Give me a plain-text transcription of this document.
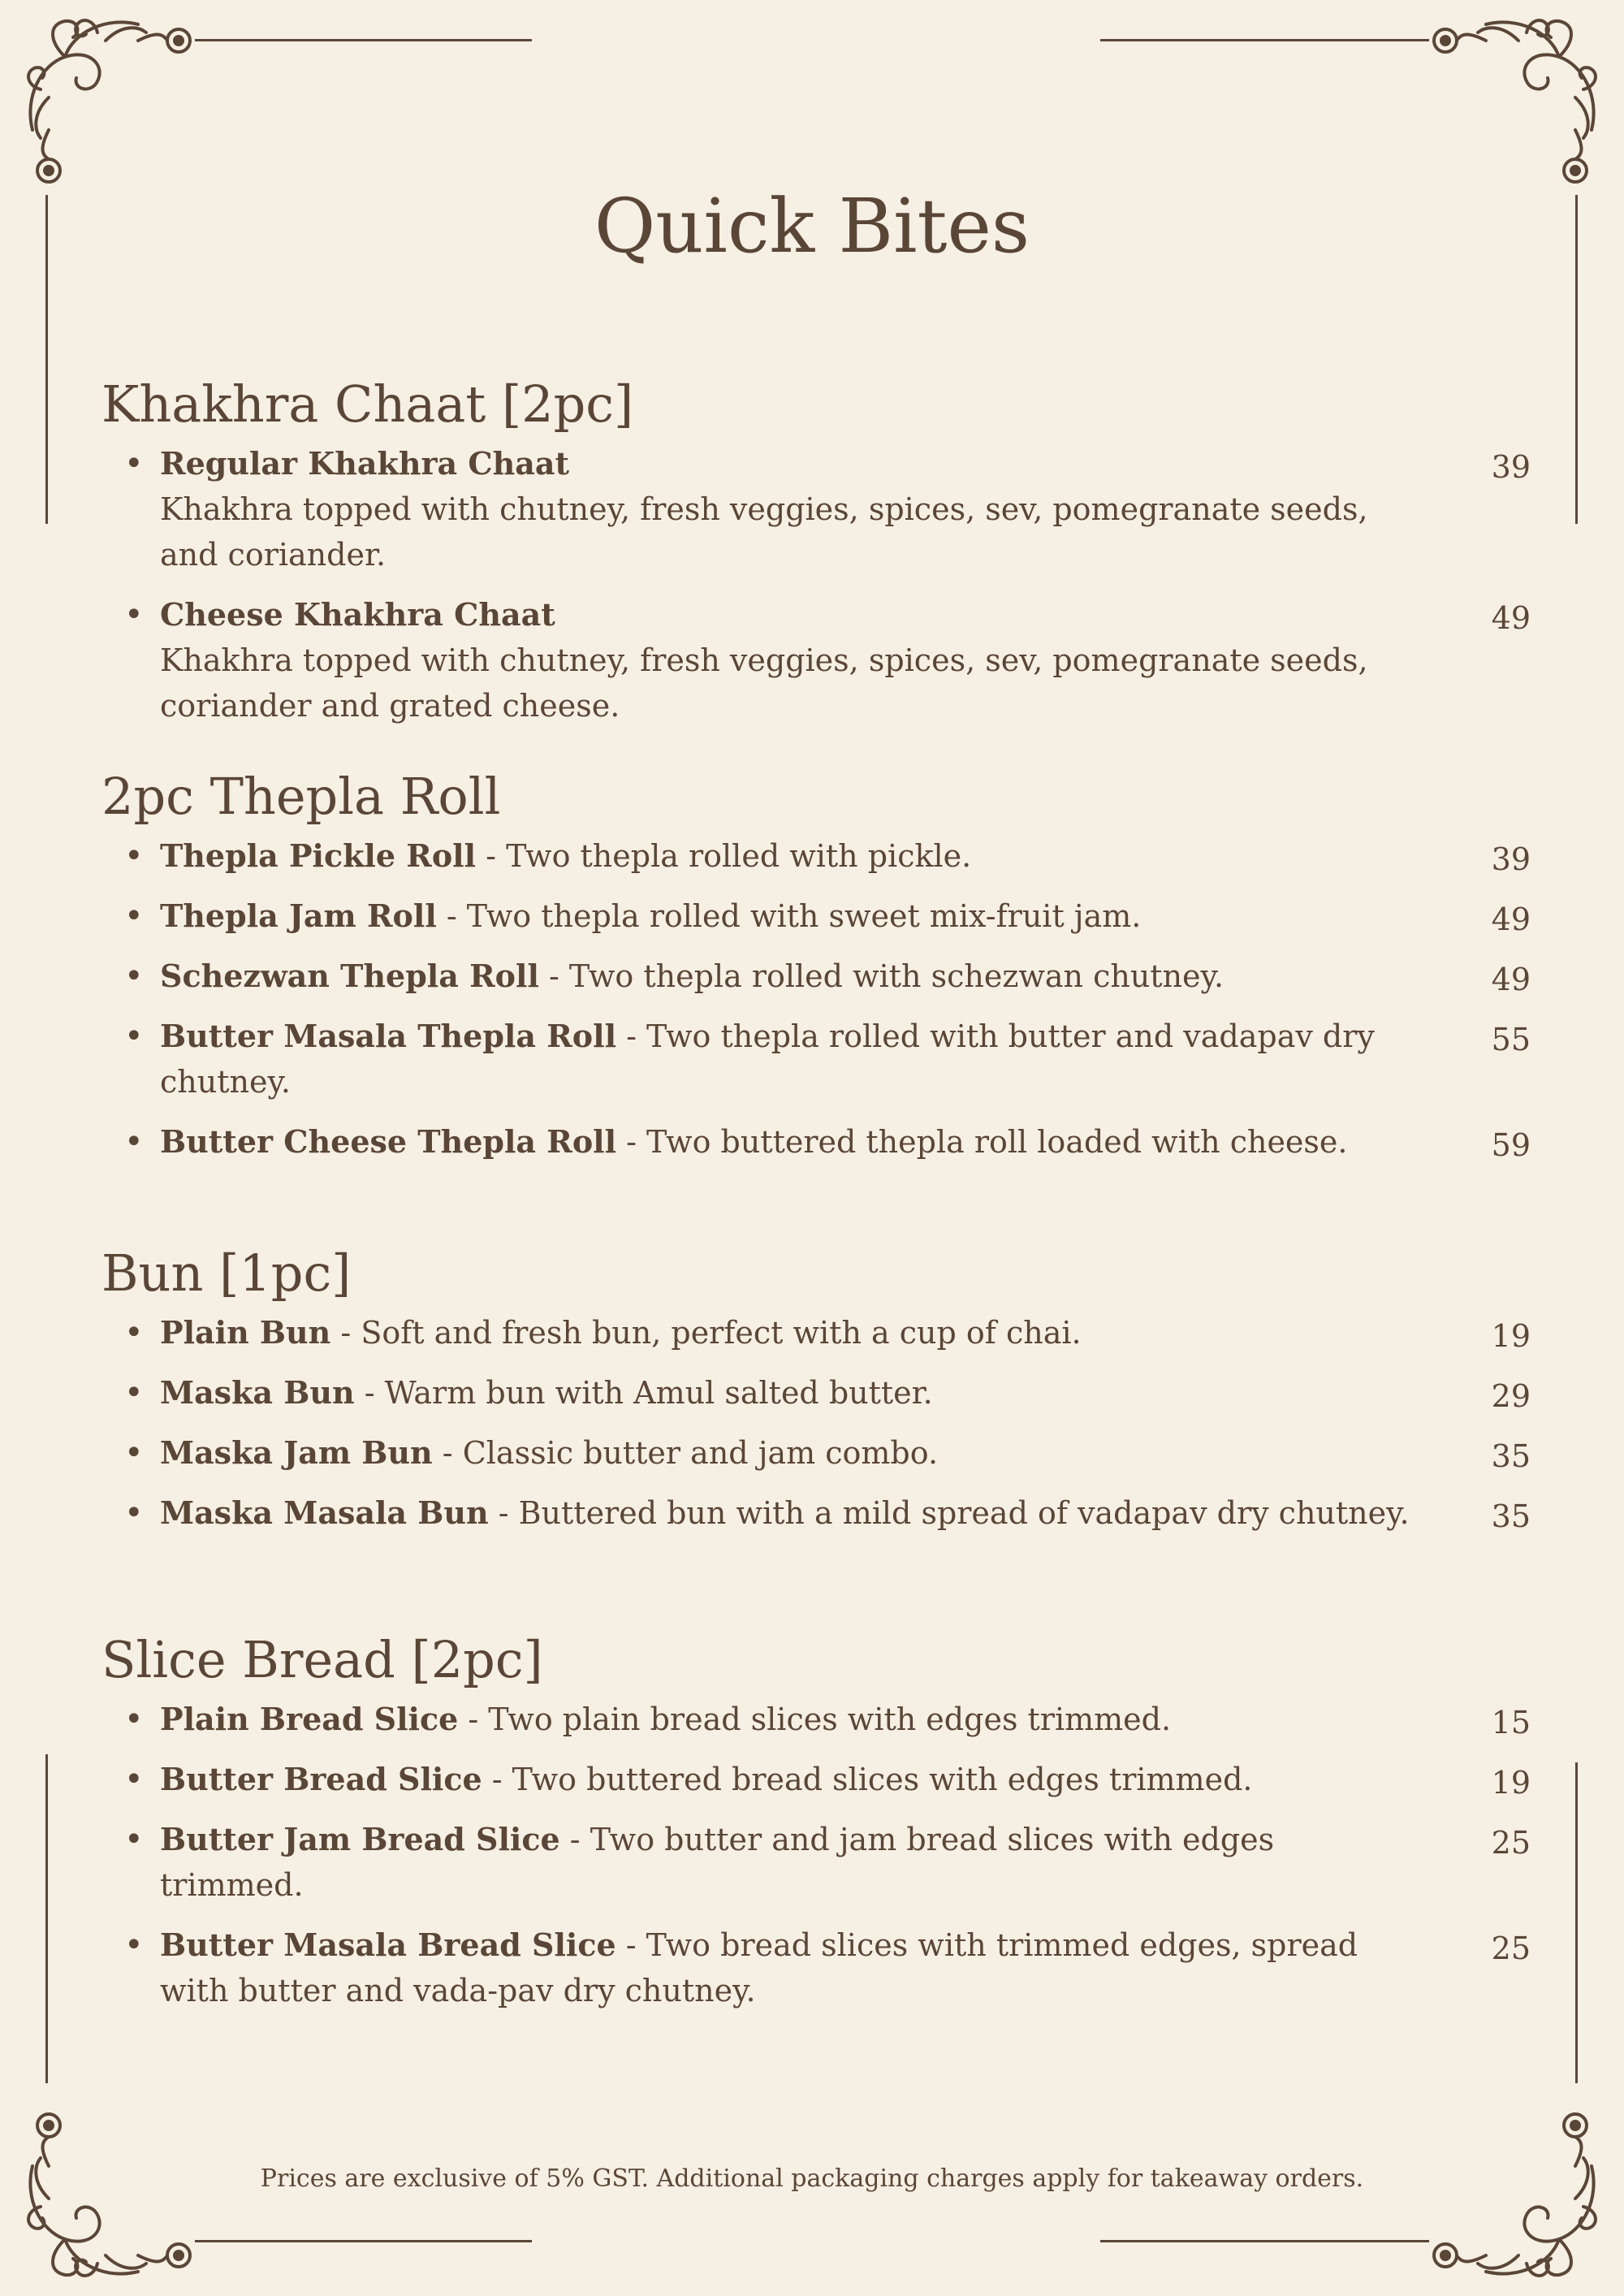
Quick Bites
Khakhra Chaat [2pc]
• Regular Khakhra Chaat
Khakhra topped with chutney, fresh veggies, spices, sev, pomegranate seeds, and coriander.
39
• Cheese Khakhra Chaat
Khakhra topped with chutney, fresh veggies, spices, sev, pomegranate seeds, coriander and grated cheese.
49
2pc Thepla Roll
• Thepla Pickle Roll - Two thepla rolled with pickle.	39
• Thepla Jam Roll - Two thepla rolled with sweet mix-fruit jam.	49
• Schezwan Thepla Roll - Two thepla rolled with schezwan chutney.	49
• Butter Masala Thepla Roll - Two thepla rolled with butter and vadapav dry chutney.
55
• Butter Cheese Thepla Roll - Two buttered thepla roll loaded with cheese.	59
Bun [1pc]
• Plain Bun - Soft and fresh bun, perfect with a cup of chai.	19
• Maska Bun - Warm bun with Amul salted butter.	29
• Maska Jam Bun - Classic butter and jam combo.	35
• Maska Masala Bun - Buttered bun with a mild spread of vadapav dry chutney.	35
Slice Bread [2pc]
• Plain Bread Slice - Two plain bread slices with edges trimmed.	15
• Butter Bread Slice - Two buttered bread slices with edges trimmed.	19
• Butter Jam Bread Slice - Two butter and jam bread slices with edges trimmed.
25
• Butter Masala Bread Slice - Two bread slices with trimmed edges, spread with butter and vada-pav dry chutney.
25
Prices are exclusive of 5% GST. Additional packaging charges apply for takeaway orders.
